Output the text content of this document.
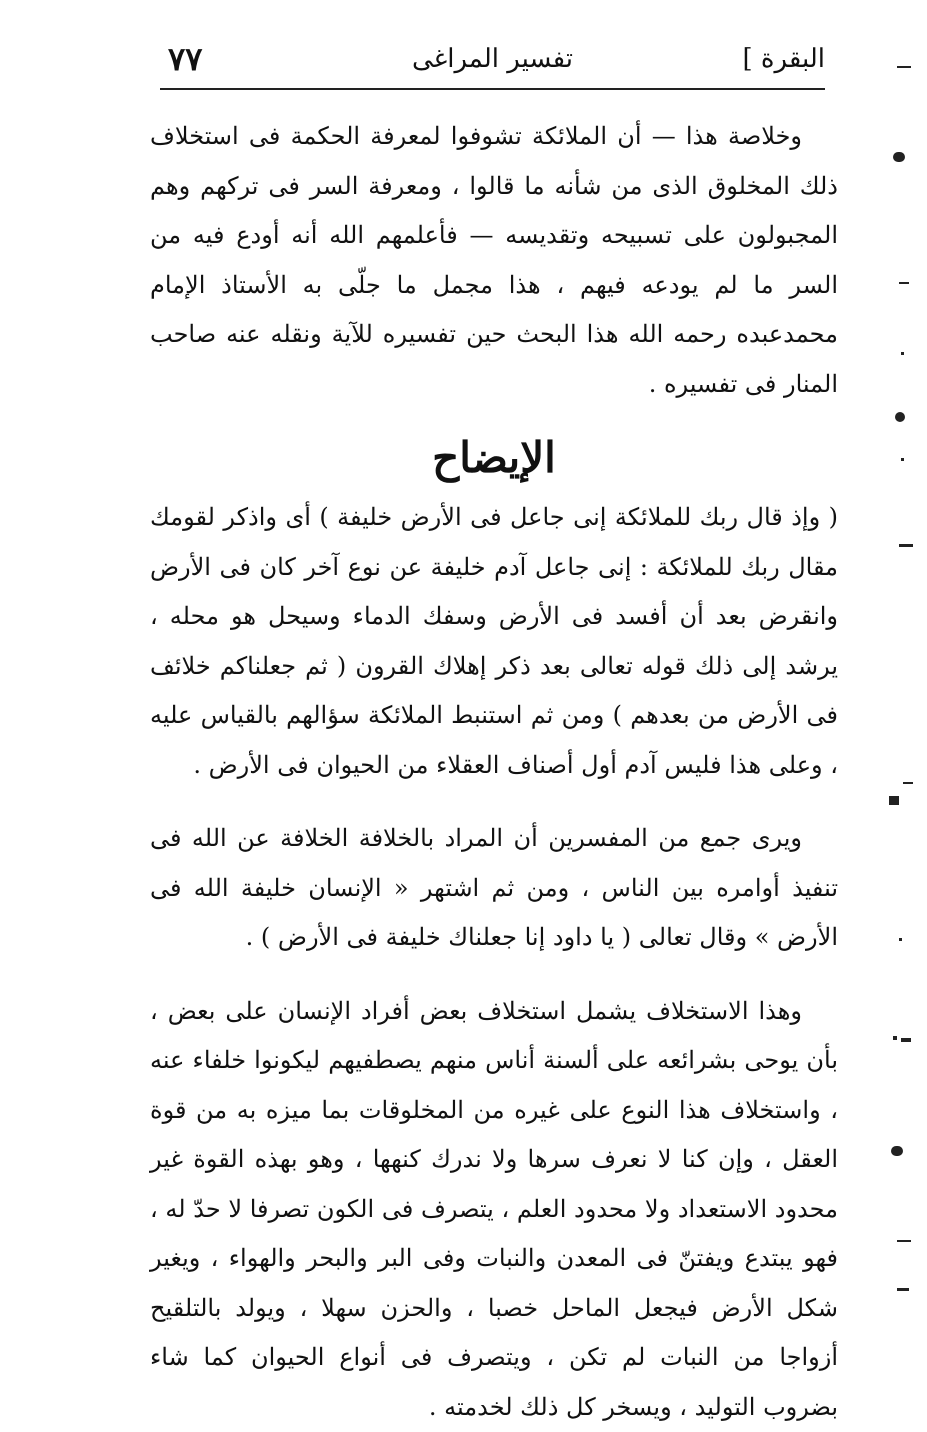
البقرة ]
تفسير المراغى
٧٧

وخلاصة هذا — أن الملائكة تشوفوا لمعرفة الحكمة فى استخلاف ذلك المخلوق الذى من شأنه ما قالوا ، ومعرفة السر فى تركهم وهم المجبولون على تسبيحه وتقديسه — فأعلمهم الله أنه أودع فيه من السر ما لم يودعه فيهم ، هذا مجمل ما جلّى به الأستاذ الإمام محمدعبده رحمه الله هذا البحث حين تفسيره للآية ونقله عنه صاحب المنار فى تفسيره .

الإيضاح

( وإذ قال ربك للملائكة إنى جاعل فى الأرض خليفة ) أى واذكر لقومك مقال ربك للملائكة : إنى جاعل آدم خليفة عن نوع آخر كان فى الأرض وانقرض بعد أن أفسد فى الأرض وسفك الدماء وسيحل هو محله ، يرشد إلى ذلك قوله تعالى بعد ذكر إهلاك القرون ( ثم جعلناكم خلائف فى الأرض من بعدهم ) ومن ثم استنبط الملائكة سؤالهم بالقياس عليه ، وعلى هذا فليس آدم أول أصناف العقلاء من الحيوان فى الأرض .

ويرى جمع من المفسرين أن المراد بالخلافة الخلافة عن الله فى تنفيذ أوامره بين الناس ، ومن ثم اشتهر « الإنسان خليفة الله فى الأرض » وقال تعالى ( يا داود إنا جعلناك خليفة فى الأرض ) .

وهذا الاستخلاف يشمل استخلاف بعض أفراد الإنسان على بعض ، بأن يوحى بشرائعه على ألسنة أناس منهم يصطفيهم ليكونوا خلفاء عنه ، واستخلاف هذا النوع على غيره من المخلوقات بما ميزه به من قوة العقل ، وإن كنا لا نعرف سرها ولا ندرك كنهها ، وهو بهذه القوة غير محدود الاستعداد ولا محدود العلم ، يتصرف فى الكون تصرفا لا حدّ له ، فهو يبتدع ويفتنّ فى المعدن والنبات وفى البر والبحر والهواء ، ويغير شكل الأرض فيجعل الماحل خصبا ، والحزن سهلا ، ويولد بالتلقيح أزواجا من النبات لم تكن ، ويتصرف فى أنواع الحيوان كما شاء بضروب التوليد ، ويسخر كل ذلك لخدمته .
